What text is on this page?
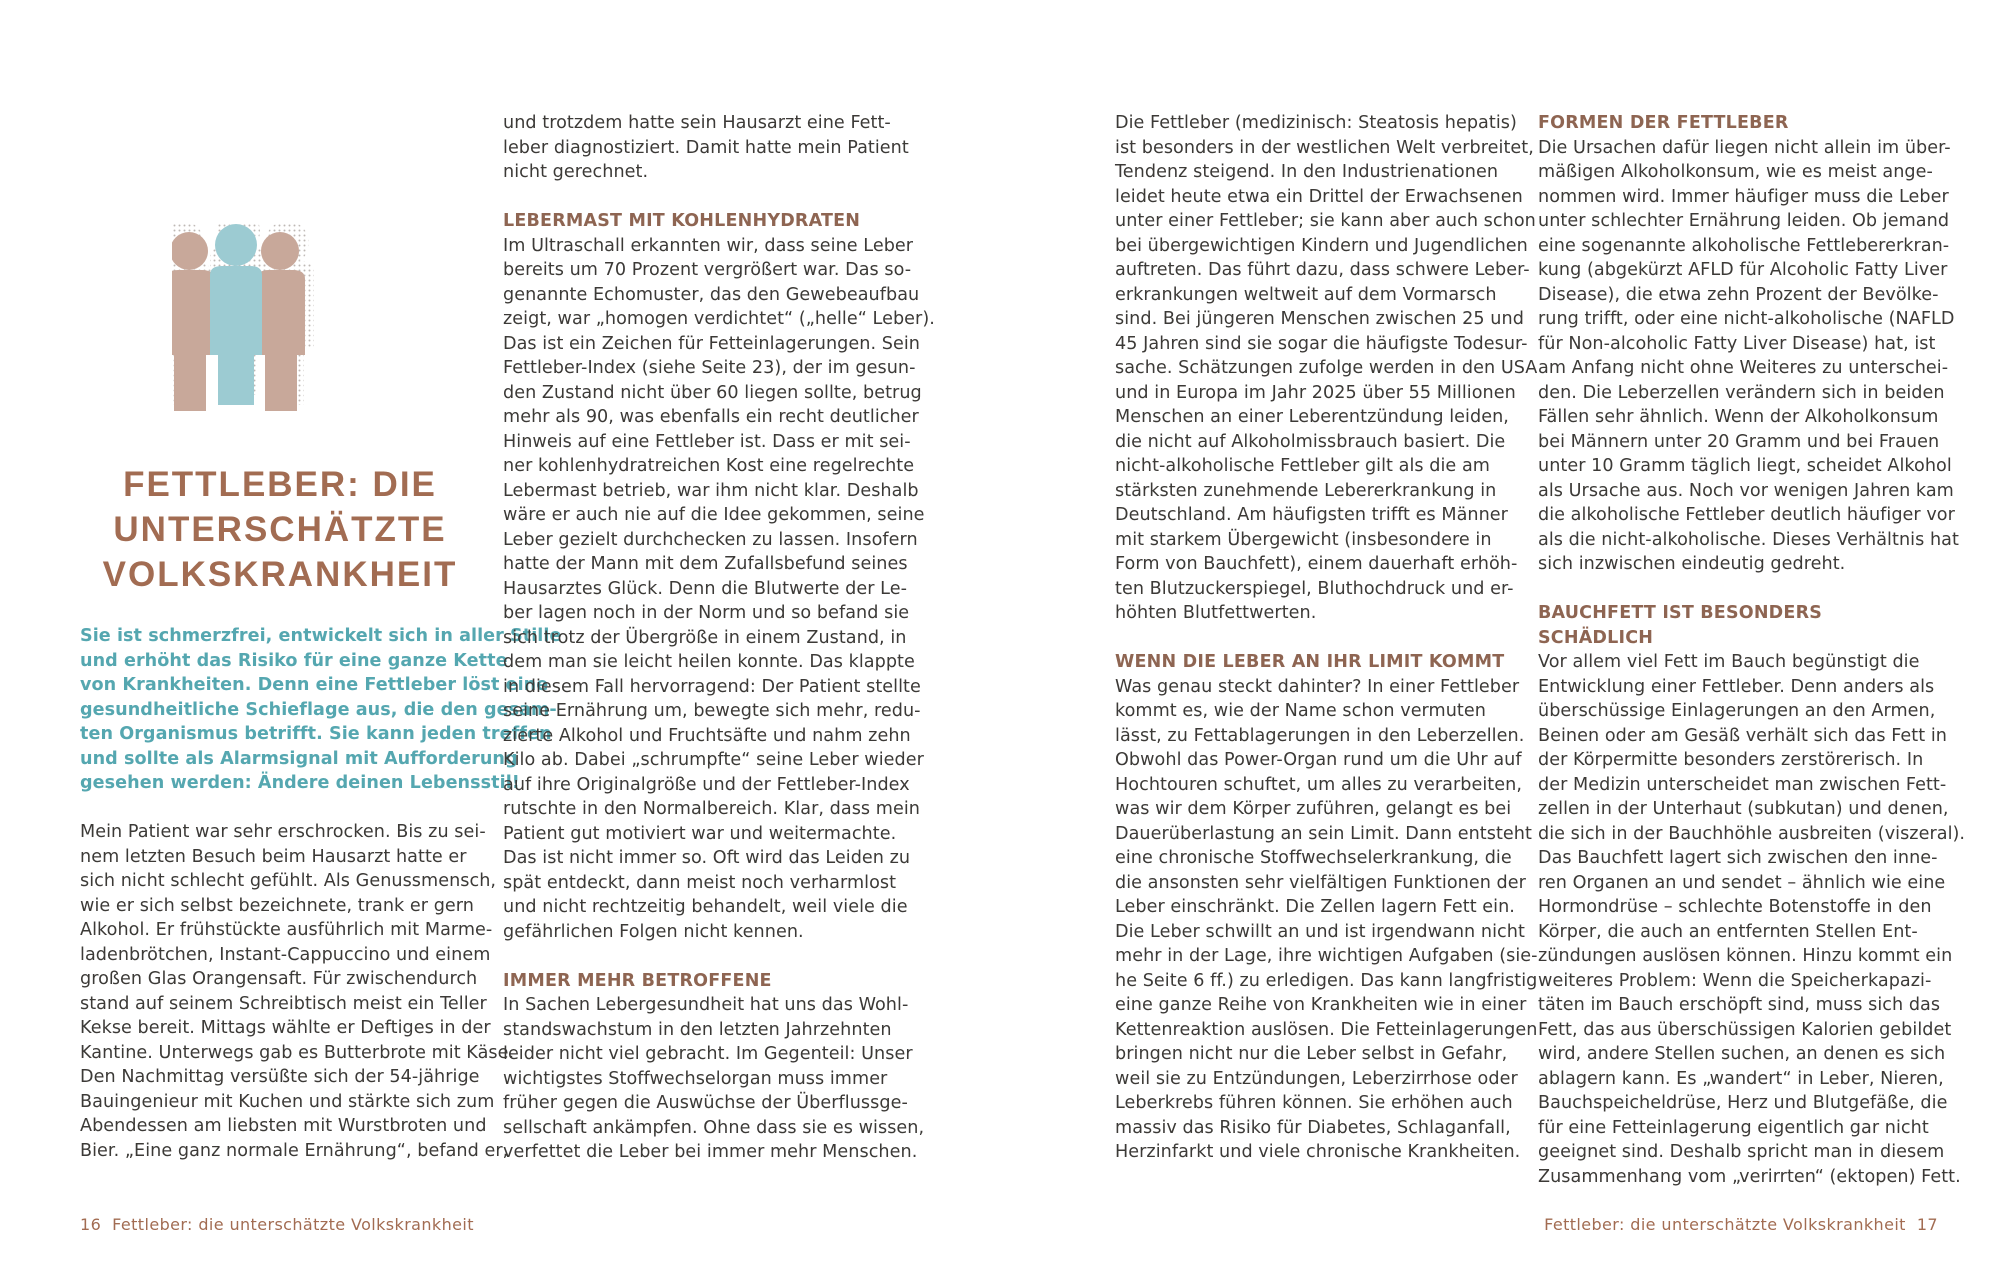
FETTLEBER: DIE
UNTERSCHÄTZTE
VOLKSKRANKHEIT
Sie ist schmerzfrei, entwickelt sich in aller Stille
und erhöht das Risiko für eine ganze Kette
von Krankheiten. Denn eine Fettleber löst eine
gesundheitliche Schieflage aus, die den gesam-
ten Organismus betrifft. Sie kann jeden treffen
und sollte als Alarmsignal mit Aufforderung
gesehen werden: Ändere deinen Lebensstil!
Mein Patient war sehr erschrocken. Bis zu sei-
nem letzten Besuch beim Hausarzt hatte er
sich nicht schlecht gefühlt. Als Genussmensch,
wie er sich selbst bezeichnete, trank er gern
Alkohol. Er frühstückte ausführlich mit Marme-
ladenbrötchen, Instant-Cappuccino und einem
großen Glas Orangensaft. Für zwischendurch
stand auf seinem Schreibtisch meist ein Teller
Kekse bereit. Mittags wählte er Deftiges in der
Kantine. Unterwegs gab es Butterbrote mit Käse.
Den Nachmittag versüßte sich der 54-jährige
Bauingenieur mit Kuchen und stärkte sich zum
Abendessen am liebsten mit Wurstbroten und
Bier. „Eine ganz normale Ernährung“, befand er,
und trotzdem hatte sein Hausarzt eine Fett-
leber diagnostiziert. Damit hatte mein Patient
nicht gerechnet.

LEBERMAST MIT KOHLENHYDRATEN

Im Ultraschall erkannten wir, dass seine Leber
bereits um 70 Prozent vergrößert war. Das so-
genannte Echomuster, das den Gewebeaufbau
zeigt, war „homogen verdichtet“ („helle“ Leber).
Das ist ein Zeichen für Fetteinlagerungen. Sein
Fettleber-Index (siehe Seite 23), der im gesun-
den Zustand nicht über 60 liegen sollte, betrug
mehr als 90, was ebenfalls ein recht deutlicher
Hinweis auf eine Fettleber ist. Dass er mit sei-
ner kohlenhydratreichen Kost eine regelrechte
Lebermast betrieb, war ihm nicht klar. Deshalb
wäre er auch nie auf die Idee gekommen, seine
Leber gezielt durchchecken zu lassen. Insofern
hatte der Mann mit dem Zufallsbefund seines
Hausarztes Glück. Denn die Blutwerte der Le-
ber lagen noch in der Norm und so befand sie
sich trotz der Übergröße in einem Zustand, in
dem man sie leicht heilen konnte. Das klappte
in diesem Fall hervorragend: Der Patient stellte
seine Ernährung um, bewegte sich mehr, redu-
zierte Alkohol und Fruchtsäfte und nahm zehn
Kilo ab. Dabei „schrumpfte“ seine Leber wieder
auf ihre Originalgröße und der Fettleber-Index
rutschte in den Normalbereich. Klar, dass mein
Patient gut motiviert war und weitermachte.
Das ist nicht immer so. Oft wird das Leiden zu
spät entdeckt, dann meist noch verharmlost
und nicht rechtzeitig behandelt, weil viele die
gefährlichen Folgen nicht kennen.

IMMER MEHR BETROFFENE

In Sachen Lebergesundheit hat uns das Wohl-
standswachstum in den letzten Jahrzehnten
leider nicht viel gebracht. Im Gegenteil: Unser
wichtigstes Stoffwechselorgan muss immer
früher gegen die Auswüchse der Überflussge-
sellschaft ankämpfen. Ohne dass sie es wissen,
verfettet die Leber bei immer mehr Menschen.
Die Fettleber (medizinisch: Steatosis hepatis)
ist besonders in der westlichen Welt verbreitet,
Tendenz steigend. In den Industrienationen
leidet heute etwa ein Drittel der Erwachsenen
unter einer Fettleber; sie kann aber auch schon
bei übergewichtigen Kindern und Jugendlichen
auftreten. Das führt dazu, dass schwere Leber-
erkrankungen weltweit auf dem Vormarsch
sind. Bei jüngeren Menschen zwischen 25 und
45 Jahren sind sie sogar die häufigste Todesur-
sache. Schätzungen zufolge werden in den USA
und in Europa im Jahr 2025 über 55 Millionen
Menschen an einer Leberentzündung leiden,
die nicht auf Alkoholmissbrauch basiert. Die
nicht-alkoholische Fettleber gilt als die am
stärksten zunehmende Lebererkrankung in
Deutschland. Am häufigsten trifft es Männer
mit starkem Übergewicht (insbesondere in
Form von Bauchfett), einem dauerhaft erhöh-
ten Blutzuckerspiegel, Bluthochdruck und er-
höhten Blutfettwerten.

WENN DIE LEBER AN IHR LIMIT KOMMT

Was genau steckt dahinter? In einer Fettleber
kommt es, wie der Name schon vermuten
lässt, zu Fettablagerungen in den Leberzellen.
Obwohl das Power-Organ rund um die Uhr auf
Hochtouren schuftet, um alles zu verarbeiten,
was wir dem Körper zuführen, gelangt es bei
Dauerüberlastung an sein Limit. Dann entsteht
eine chronische Stoffwechselerkrankung, die
die ansonsten sehr vielfältigen Funktionen der
Leber einschränkt. Die Zellen lagern Fett ein.
Die Leber schwillt an und ist irgendwann nicht
mehr in der Lage, ihre wichtigen Aufgaben (sie-
he Seite 6 ff.) zu erledigen. Das kann langfristig
eine ganze Reihe von Krankheiten wie in einer
Kettenreaktion auslösen. Die Fetteinlagerungen
bringen nicht nur die Leber selbst in Gefahr,
weil sie zu Entzündungen, Leberzirrhose oder
Leberkrebs führen können. Sie erhöhen auch
massiv das Risiko für Diabetes, Schlaganfall,
Herzinfarkt und viele chronische Krankheiten.

FORMEN DER FETTLEBER

Die Ursachen dafür liegen nicht allein im über-
mäßigen Alkoholkonsum, wie es meist ange-
nommen wird. Immer häufiger muss die Leber
unter schlechter Ernährung leiden. Ob jemand
eine sogenannte alkoholische Fettlebererkran-
kung (abgekürzt AFLD für Alcoholic Fatty Liver
Disease), die etwa zehn Prozent der Bevölke-
rung trifft, oder eine nicht-alkoholische (NAFLD
für Non-alcoholic Fatty Liver Disease) hat, ist
am Anfang nicht ohne Weiteres zu unterschei-
den. Die Leberzellen verändern sich in beiden
Fällen sehr ähnlich. Wenn der Alkoholkonsum
bei Männern unter 20 Gramm und bei Frauen
unter 10 Gramm täglich liegt, scheidet Alkohol
als Ursache aus. Noch vor wenigen Jahren kam
die alkoholische Fettleber deutlich häufiger vor
als die nicht-alkoholische. Dieses Verhältnis hat
sich inzwischen eindeutig gedreht.

BAUCHFETT IST BESONDERS SCHÄDLICH

Vor allem viel Fett im Bauch begünstigt die
Entwicklung einer Fettleber. Denn anders als
überschüssige Einlagerungen an den Armen,
Beinen oder am Gesäß verhält sich das Fett in
der Körpermitte besonders zerstörerisch. In
der Medizin unterscheidet man zwischen Fett-
zellen in der Unterhaut (subkutan) und denen,
die sich in der Bauchhöhle ausbreiten (viszeral).
Das Bauchfett lagert sich zwischen den inne-
ren Organen an und sendet – ähnlich wie eine
Hormondrüse – schlechte Botenstoffe in den
Körper, die auch an entfernten Stellen Ent-
zündungen auslösen können. Hinzu kommt ein
weiteres Problem: Wenn die Speicherkapazi-
täten im Bauch erschöpft sind, muss sich das
Fett, das aus überschüssigen Kalorien gebildet
wird, andere Stellen suchen, an denen es sich
ablagern kann. Es „wandert“ in Leber, Nieren,
Bauchspeicheldrüse, Herz und Blutgefäße, die
für eine Fetteinlagerung eigentlich gar nicht
geeignet sind. Deshalb spricht man in diesem
Zusammenhang vom „verirrten“ (ektopen) Fett.
16 Fettleber: die unterschätzte Volkskrankheit	Fettleber: die unterschätzte Volkskrankheit 17
